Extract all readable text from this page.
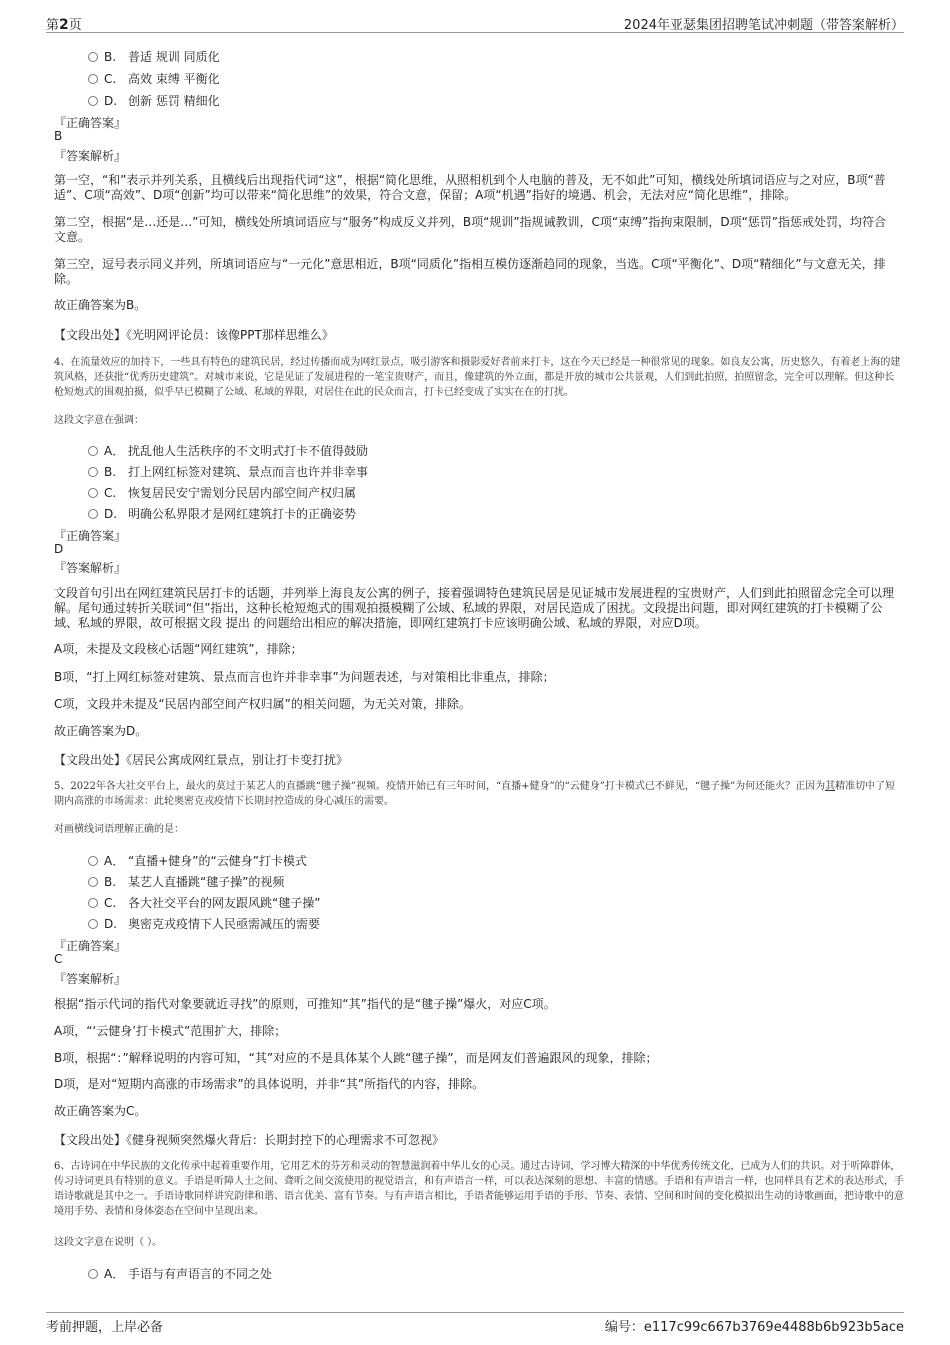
第2页	2024年亚瑟集团招聘笔试冲刺题（带答案解析）
B. 普适 规训 同质化
C. 高效 束缚 平衡化
D. 创新 惩罚 精细化
『正确答案』
B
『答案解析』
第一空，“和”表示并列关系，且横线后出现指代词“这”，根据“简化思维，从照相机到个人电脑的普及，无不如此”可知，横线处所填词语应与之对应，B项“普适”、C项“高效”、D项“创新”均可以带来“简化思维”的效果，符合文意，保留；A项“机遇”指好的境遇、机会，无法对应“简化思维”，排除。
第二空，根据“是…还是…”可知，横线处所填词语应与“服务”构成反义并列，B项“规训”指规诫教训，C项“束缚”指拘束限制，D项“惩罚”指惩戒处罚，均符合文意。
第三空，逗号表示同义并列，所填词语应与“一元化”意思相近，B项“同质化”指相互模仿逐渐趋同的现象，当选。C项“平衡化”、D项“精细化”与文意无关，排除。
故正确答案为B。
【文段出处】《光明网评论员：该像PPT那样思维么》
4、在流量效应的加持下，一些具有特色的建筑民居，经过传播而成为网红景点，吸引游客和摄影爱好者前来打卡，这在今天已经是一种很常见的现象。如良友公寓，历史悠久，有着老上海的建筑风格，还获批“优秀历史建筑”。对城市来说，它是见证了发展进程的一笔宝贵财产，而且，像建筑的外立面，都是开放的城市公共景观，人们到此拍照，拍照留念，完全可以理解。但这种长枪短炮式的围观拍摄，似乎早已模糊了公域、私域的界限，对居住在此的民众而言，打卡已经变成了实实在在的打扰。
这段文字意在强调：
A． 扰乱他人生活秩序的不文明式打卡不值得鼓励
B. 打上网红标签对建筑、景点而言也许并非幸事
C. 恢复居民安宁需划分民居内部空间产权归属
D. 明确公私界限才是网红建筑打卡的正确姿势
『正确答案』
D
『答案解析』
文段首句引出在网红建筑民居打卡的话题，并列举上海良友公寓的例子，接着强调特色建筑民居是见证城市发展进程的宝贵财产，人们到此拍照留念完全可以理解。尾句通过转折关联词“但”指出，这种长枪短炮式的围观拍摄模糊了公域、私域的界限，对居民造成了困扰。文段提出问题，即对网红建筑的打卡模糊了公域、私域的界限，故可根据文段 提出 的问题给出相应的解决措施，即网红建筑打卡应该明确公域、私域的界限，对应D项。
A项，未提及文段核心话题“网红建筑”，排除；
B项，“打上网红标签对建筑、景点而言也许并非幸事”为问题表述，与对策相比非重点，排除；
C项，文段并未提及“民居内部空间产权归属”的相关问题，为无关对策，排除。
故正确答案为D。
【文段出处】《居民公寓成网红景点，别让打卡变打扰》
5、2022年各大社交平台上，最火的莫过于某艺人的直播跳“毽子操”视频。疫情开始已有三年时间，“直播+健身”的“云健身”打卡模式已不鲜见，“毽子操”为何还能火？正因为其精准切中了短期内高涨的市场需求：此轮奥密克戎疫情下长期封控造成的身心减压的需要。
对画横线词语理解正确的是：
A． “直播+健身”的“云健身”打卡模式
B. 某艺人直播跳“毽子操”的视频
C. 各大社交平台的网友跟风跳“毽子操”
D. 奥密克戎疫情下人民亟需减压的需要
『正确答案』
C
『答案解析』
根据“指示代词的指代对象要就近寻找”的原则，可推知“其”指代的是“毽子操”爆火，对应C项。
A项，“‘云健身’打卡模式”范围扩大，排除；
B项，根据“：”解释说明的内容可知，“其”对应的不是具体某个人跳“毽子操”，而是网友们普遍跟风的现象，排除；
D项，是对“短期内高涨的市场需求”的具体说明，并非“其”所指代的内容，排除。
故正确答案为C。
【文段出处】《健身视频突然爆火背后：长期封控下的心理需求不可忽视》
6、古诗词在中华民族的文化传承中起着重要作用，它用艺术的芬芳和灵动的智慧滋润着中华儿女的心灵。通过古诗词，学习博大精深的中华优秀传统文化，已成为人们的共识。对于听障群体，传习诗词更具有特别的意义。手语是听障人士之间、聋听之间交流使用的视觉语言，和有声语言一样，可以表达深刻的思想、丰富的情感。手语和有声语言一样，也同样具有艺术的表达形式，手语诗歌就是其中之一。手语诗歌同样讲究韵律和谐、语言优美、富有节奏。与有声语言相比，手语者能够运用手语的手形、节奏、表情、空间和时间的变化模拟出生动的诗歌画面，把诗歌中的意境用手势、表情和身体姿态在空间中呈现出来。
这段文字意在说明（ ）。
A． 手语与有声语言的不同之处
考前押题，上岸必备	编号：e117c99c667b3769e4488b6b923b5ace
